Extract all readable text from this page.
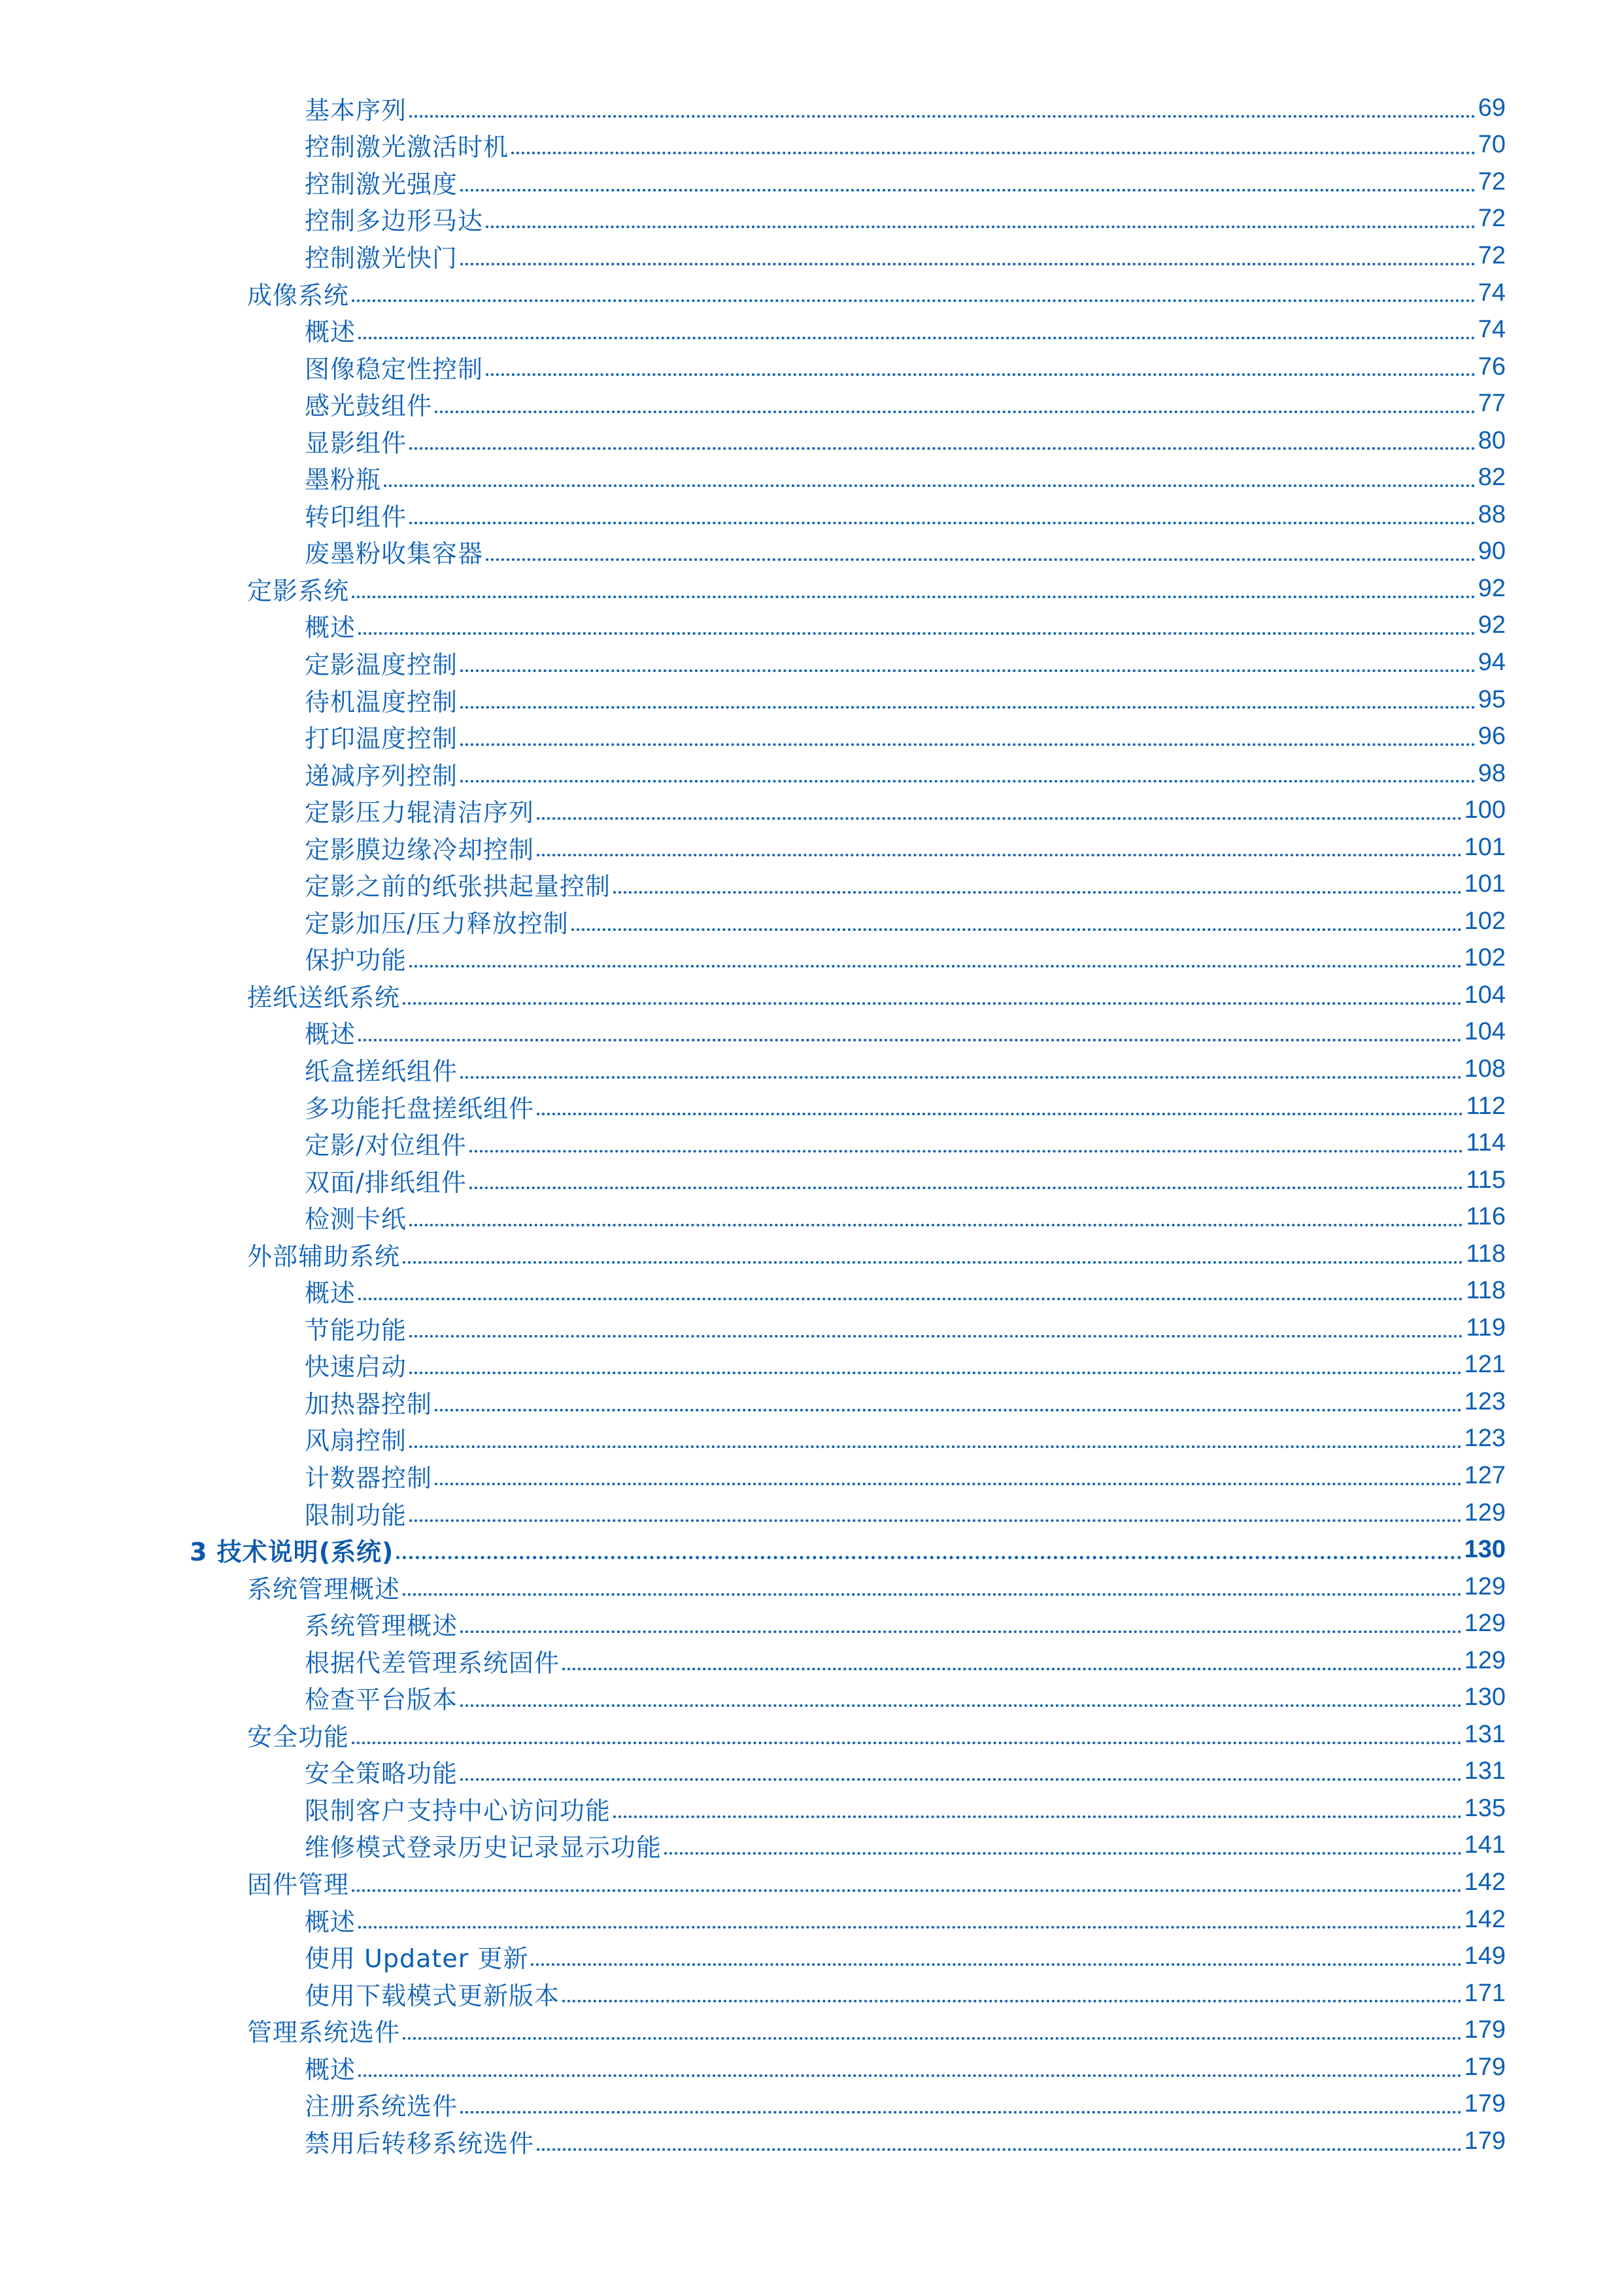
基本序列	69
控制激光激活时机	70
控制激光强度	72
控制多边形马达	72
控制激光快门	72
成像系统	74
概述	74
图像稳定性控制	76
感光鼓组件	77
显影组件	80
墨粉瓶	82
转印组件	88
废墨粉收集容器	90
定影系统	92
概述	92
定影温度控制	94
待机温度控制	95
打印温度控制	96
递减序列控制	98
定影压力辊清洁序列	100
定影膜边缘冷却控制	101
定影之前的纸张拱起量控制	101
定影加压/压力释放控制	102
保护功能	102
搓纸送纸系统	104
概述	104
纸盒搓纸组件	108
多功能托盘搓纸组件	112
定影/对位组件	114
双面/排纸组件	115
检测卡纸	116
外部辅助系统	118
概述	118
节能功能	119
快速启动	121
加热器控制	123
风扇控制	123
计数器控制	127
限制功能	129
3 技术说明(系统)	130
系统管理概述	129
系统管理概述	129
根据代差管理系统固件	129
检查平台版本	130
安全功能	131
安全策略功能	131
限制客户支持中心访问功能	135
维修模式登录历史记录显示功能	141
固件管理	142
概述	142
使用 Updater 更新	149
使用下载模式更新版本	171
管理系统选件	179
概述	179
注册系统选件	179
禁用后转移系统选件	179
